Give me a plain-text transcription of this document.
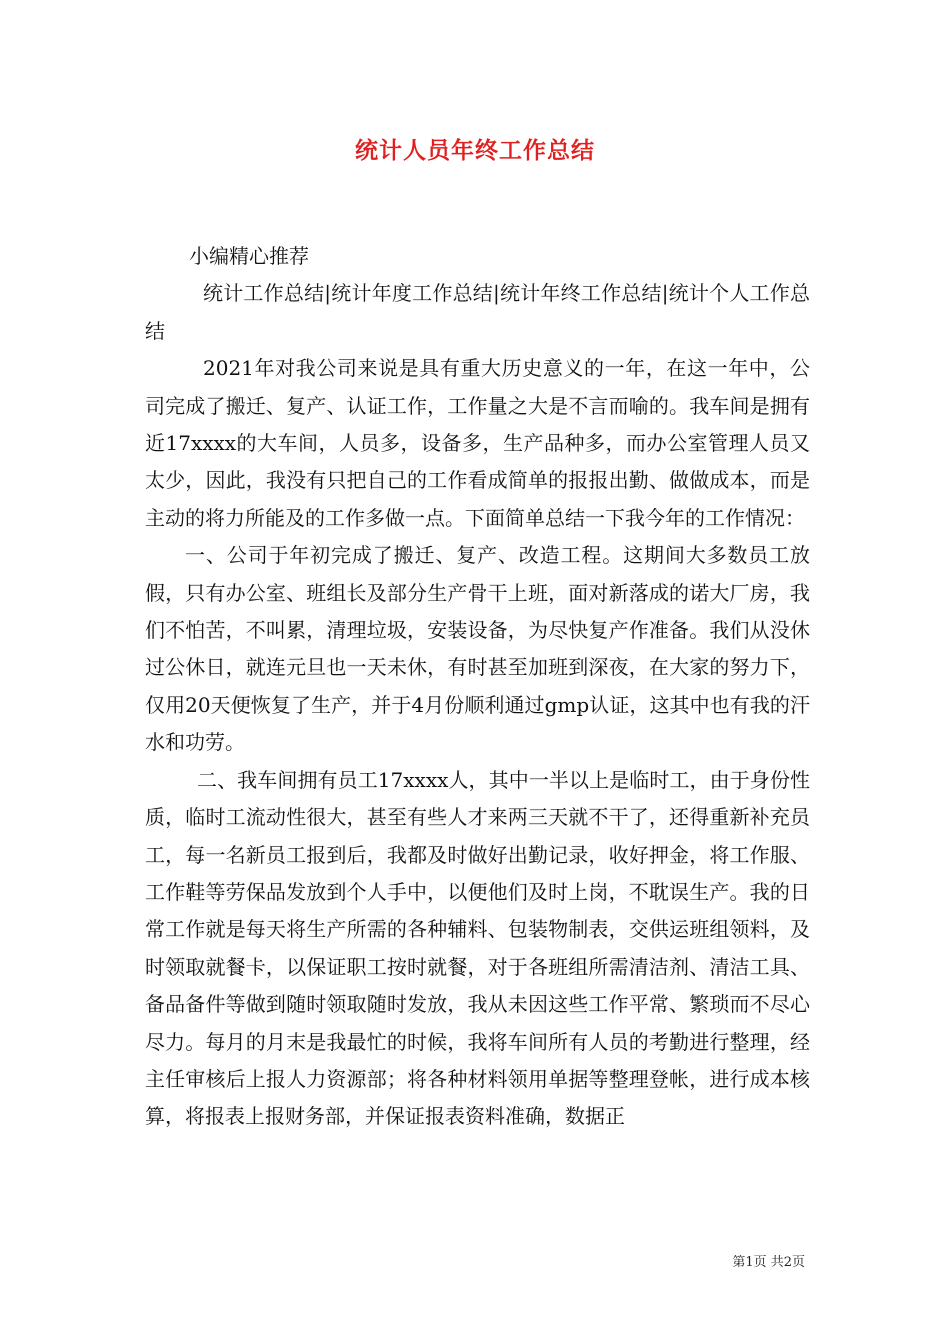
统计人员年终工作总结

小编精心推荐

统计工作总结|统计年度工作总结|统计年终工作总结|统计个人工作总结

2021年对我公司来说是具有重大历史意义的一年，在这一年中，公司完成了搬迁、复产、认证工作，工作量之大是不言而喻的。我车间是拥有近17xxxx的大车间，人员多，设备多，生产品种多，而办公室管理人员又太少，因此，我没有只把自己的工作看成简单的报报出勤、做做成本，而是主动的将力所能及的工作多做一点。下面简单总结一下我今年的工作情况：

一、公司于年初完成了搬迁、复产、改造工程。这期间大多数员工放假，只有办公室、班组长及部分生产骨干上班，面对新落成的诺大厂房，我们不怕苦，不叫累，清理垃圾，安装设备，为尽快复产作准备。我们从没休过公休日，就连元旦也一天未休，有时甚至加班到深夜，在大家的努力下，仅用20天便恢复了生产，并于4月份顺利通过gmp认证，这其中也有我的汗水和功劳。

二、我车间拥有员工17xxxx人，其中一半以上是临时工，由于身份性质，临时工流动性很大，甚至有些人才来两三天就不干了，还得重新补充员工，每一名新员工报到后，我都及时做好出勤记录，收好押金，将工作服、工作鞋等劳保品发放到个人手中，以便他们及时上岗，不耽误生产。我的日常工作就是每天将生产所需的各种辅料、包装物制表，交供运班组领料，及时领取就餐卡，以保证职工按时就餐，对于各班组所需清洁剂、清洁工具、备品备件等做到随时领取随时发放，我从未因这些工作平常、繁琐而不尽心尽力。每月的月末是我最忙的时候，我将车间所有人员的考勤进行整理，经主任审核后上报人力资源部；将各种材料领用单据等整理登帐，进行成本核算，将报表上报财务部，并保证报表资料准确，数据正

第1页 共2页
